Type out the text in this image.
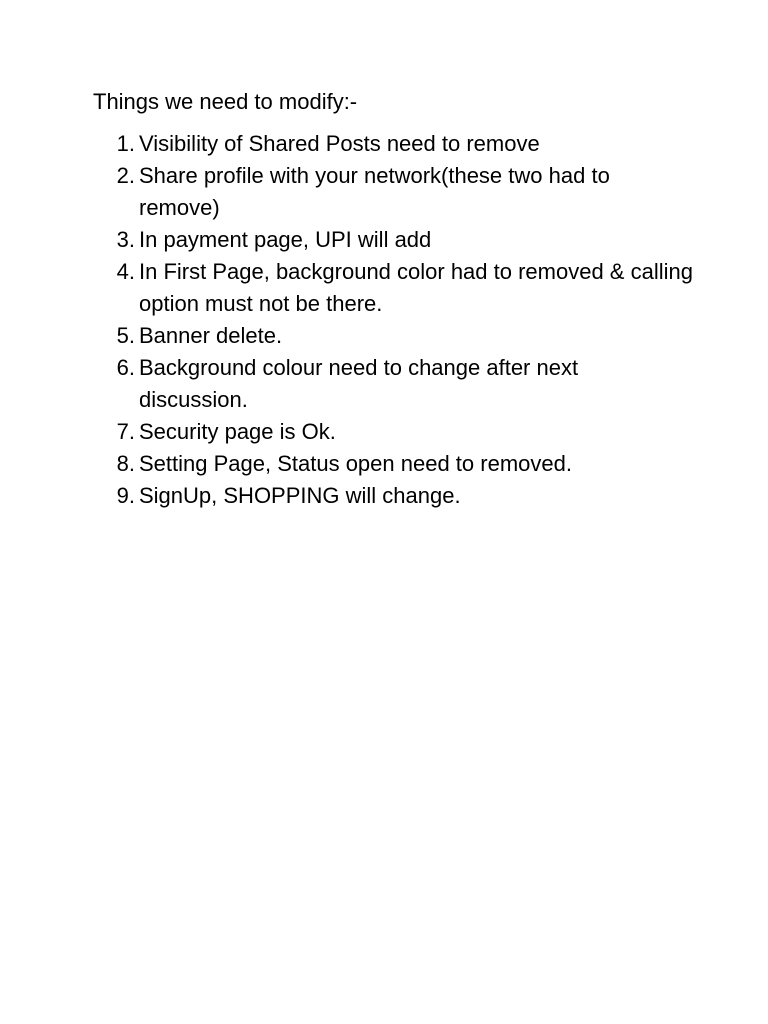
Things we need to modify:-
1. Visibility of Shared Posts need to remove
2. Share profile with your network(these two had to remove)
3. In payment page, UPI will add
4. In First Page, background color had to removed & calling option must not be there.
5. Banner delete.
6. Background colour need to change after next discussion.
7. Security page is Ok.
8. Setting Page, Status open need to removed.
9. SignUp, SHOPPING will change.
